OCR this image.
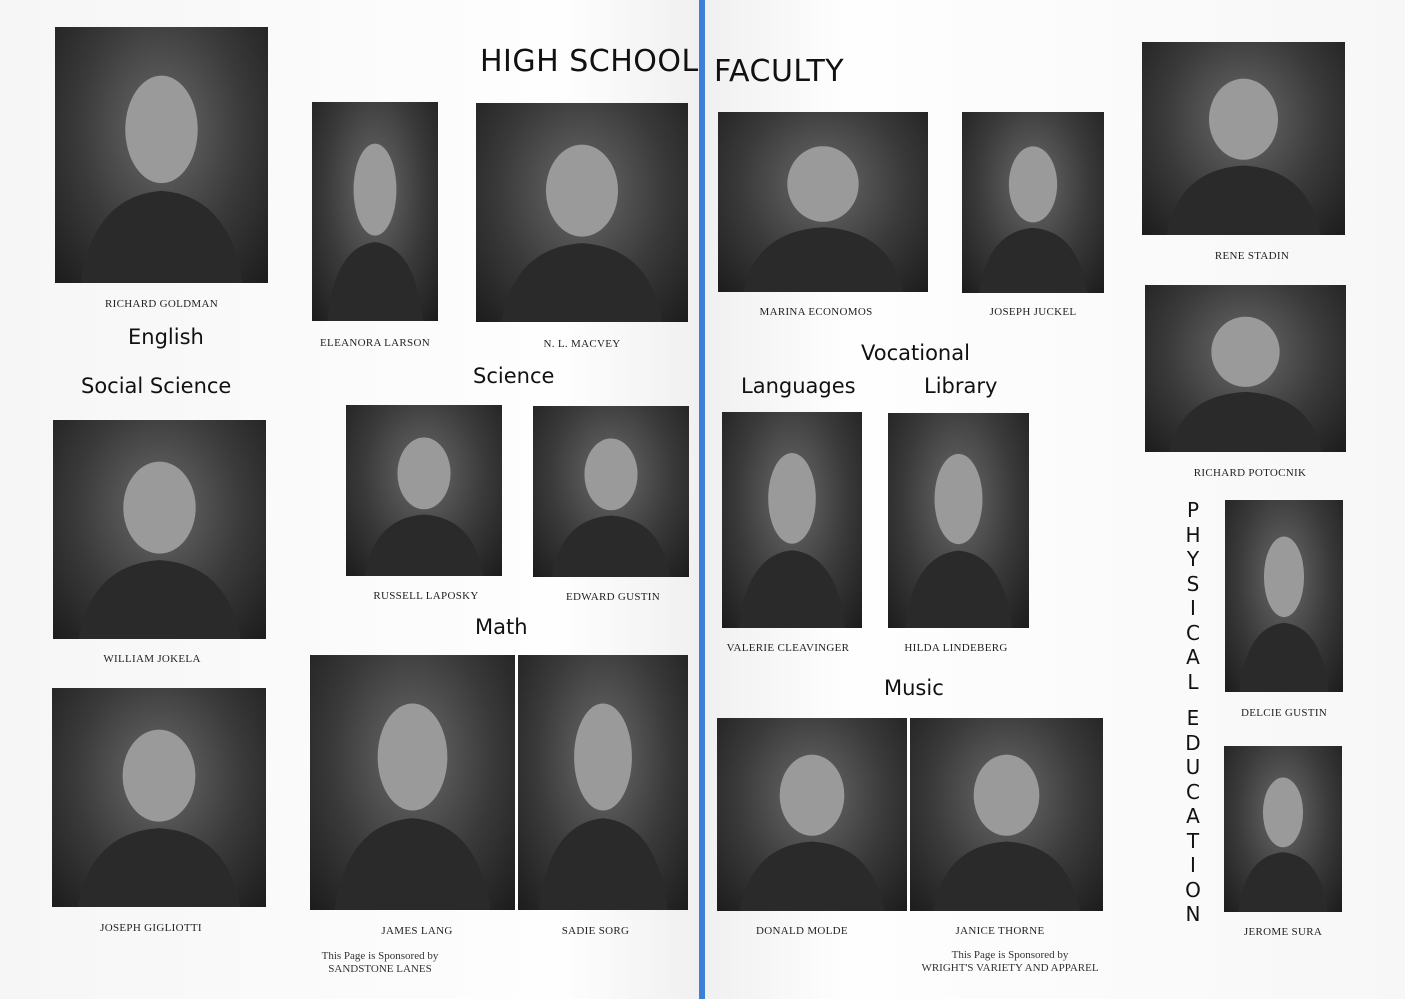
HIGH SCHOOL FACULTY
English
Social Science	Science
Math
Vocational
Languages	Library
Music
P
H
Y
S
I
C
A
L
E
D
U
C
A
T
I
O
N
RICHARD GOLDMAN
ELEANORA LARSON	N. L. MACVEY
WILLIAM JOKELA
RUSSELL LAPOSKY	EDWARD GUSTIN
JOSEPH GIGLIOTTI	JAMES LANG	SADIE SORG
This Page is Sponsored by
SANDSTONE LANES
MARINA ECONOMOS	JOSEPH JUCKEL
RENE STADIN
RICHARD POTOCNIK
VALERIE CLEAVINGER	HILDA LINDEBERG
DELCIE GUSTIN
DONALD MOLDE	JANICE THORNE	JEROME SURA
This Page is Sponsored by
WRIGHT'S VARIETY AND APPAREL
